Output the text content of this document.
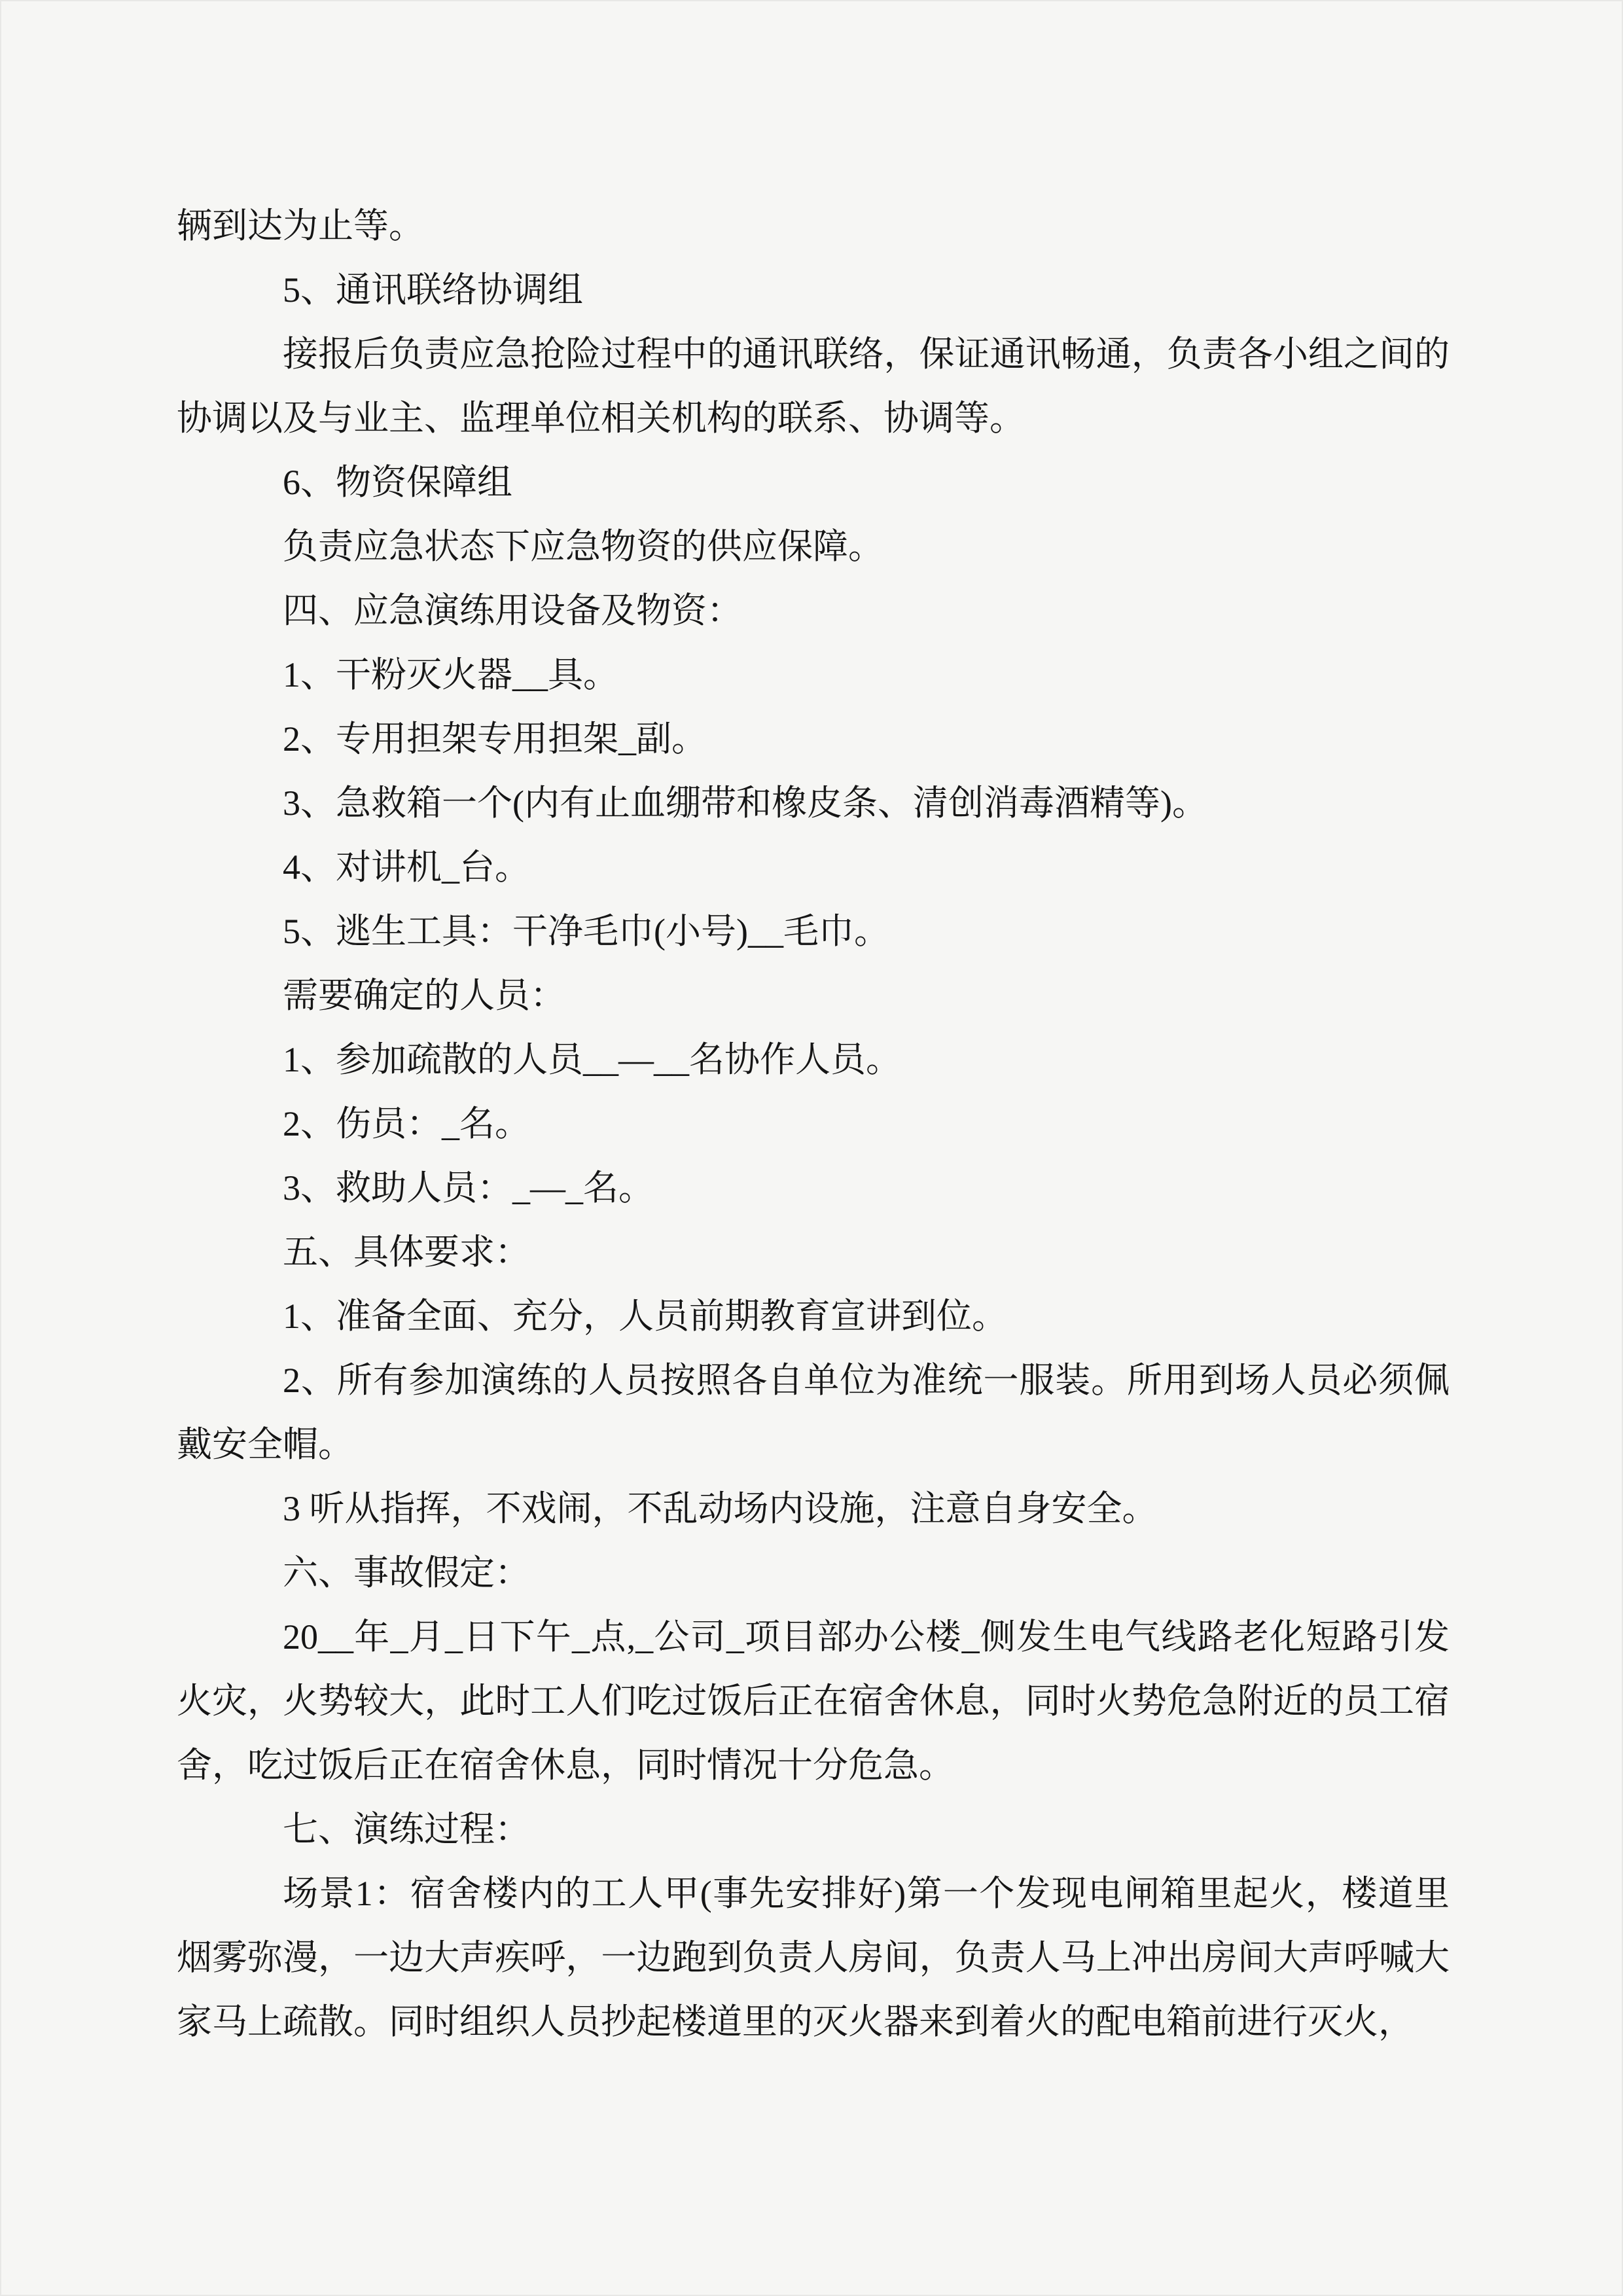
辆到达为止等。

5、通讯联络协调组

接报后负责应急抢险过程中的通讯联络，保证通讯畅通，负责各小组之间的协调以及与业主、监理单位相关机构的联系、协调等。

6、物资保障组

负责应急状态下应急物资的供应保障。

四、应急演练用设备及物资：

1、干粉灭火器__具。

2、专用担架专用担架_副。

3、急救箱一个(内有止血绷带和橡皮条、清创消毒酒精等)。

4、对讲机_台。

5、逃生工具：干净毛巾(小号)__毛巾。

需要确定的人员：

1、参加疏散的人员__—__名协作人员。

2、伤员：_名。

3、救助人员：_—_名。

五、具体要求：

1、准备全面、充分，人员前期教育宣讲到位。

2、所有参加演练的人员按照各自单位为准统一服装。所用到场人员必须佩戴安全帽。

3 听从指挥，不戏闹，不乱动场内设施，注意自身安全。

六、事故假定：

20__年_月_日下午_点,_公司_项目部办公楼_侧发生电气线路老化短路引发火灾，火势较大，此时工人们吃过饭后正在宿舍休息，同时火势危急附近的员工宿舍，吃过饭后正在宿舍休息，同时情况十分危急。

七、演练过程：

场景1：宿舍楼内的工人甲(事先安排好)第一个发现电闸箱里起火，楼道里烟雾弥漫，一边大声疾呼，一边跑到负责人房间，负责人马上冲出房间大声呼喊大家马上疏散。同时组织人员抄起楼道里的灭火器来到着火的配电箱前进行灭火，
